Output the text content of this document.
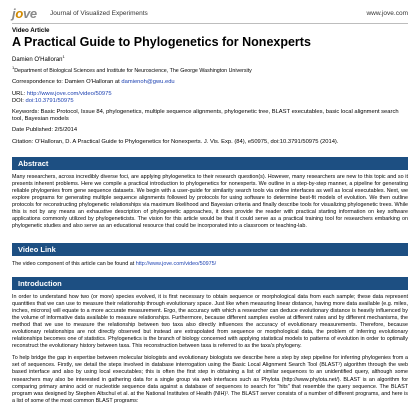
jove Journal of Visualized Experiments	www.jove.com
Video Article
A Practical Guide to Phylogenetics for Nonexperts
Damien O'Halloran$^1$
$^1$Department of Biological Sciences and Institute for Neuroscience, The George Washington University
Correspondence to: Damien O'Halloran at damienoh@gwu.edu
URL: http://www.jove.com/video/50975
DOI: doi:10.3791/50975
Keywords: Basic Protocol, Issue 84, phylogenetics, multiple sequence alignments, phylogenetic tree, BLAST executables, basic local alignment search tool, Bayesian models
Date Published: 2/5/2014
Citation: O'Halloran, D. A Practical Guide to Phylogenetics for Nonexperts. J. Vis. Exp. (84), e50975, doi:10.3791/50975 (2014).
Abstract

Many researchers, across incredibly diverse foci, are applying phylogenetics to their research question(s). However, many researchers are new to this topic and so it presents inherent problems. Here we compile a practical introduction to phylogenetics for nonexperts. We outline in a step-by-step manner, a pipeline for generating reliable phylogenies from gene sequence datasets. We begin with a user-guide for similarity search tools via online interfaces as well as local executables. Next, we explore programs for generating multiple sequence alignments followed by protocols for using software to determine best-fit models of evolution. We then outline protocols for reconstructing phylogenetic relationships via maximum likelihood and Bayesian criteria and finally describe tools for visualizing phylogenetic trees. While this is not by any means an exhaustive description of phylogenetic approaches, it does provide the reader with practical starting information on key software applications commonly utilized by phylogeneticists. The vision for this article would be that it could serve as a practical training tool for researchers embarking on phylogenetic studies and also serve as an educational resource that could be incorporated into a classroom or teaching-lab.

Video Link
The video component of this article can be found at http://www.jove.com/video/50975/
Introduction

In order to understand how two (or more) species evolved, it is first necessary to obtain sequence or morphological data from each sample; these data represent quantities that we can use to measure their relationship through evolutionary space. Just like when measuring linear distance, having more data available (e.g. miles, inches, microns) will equate to a more accurate measurement. Ergo, the accuracy with which a researcher can deduce evolutionary distance is heavily influenced by the volume of informative data available to measure relationships. Furthermore, because different samples evolve at different rates and by different mechanisms, the method that we use to measure the relationship between two taxa also directly influences the accuracy of evolutionary measurements. Therefore, because evolutionary relationships are not directly observed but instead are extrapolated from sequence or morphological data, the problem of inferring evolutionary relationships becomes one of statistics. Phylogenetics is the branch of biology concerned with applying statistical models to patterns of evolution in order to optimally reconstruct the evolutionary history between taxa. This reconstruction between taxa is referred to as the taxa's phylogeny.

To help bridge the gap in expertise between molecular biologists and evolutionary biologists we describe here a step by step pipeline for inferring phylogenies from a set of sequences. Firstly, we detail the steps involved in database interrogation using the Basic Local Alignment Search Tool (BLAST¹) algorithm through the web based interface and also by using local executables; this is often the first step in obtaining a list of similar sequences to an unidentified query, although some researchers may also be interested in gathering data for a single group via web interfaces such as Phylota (http://www.phylota.net/). BLAST is an algorithm for comparing primary amino acid or nucleotide sequence data against a database of sequences to search for "hits" that resemble the query sequence. The BLAST program was designed by Stephen Altschul et al. at the National Institutes of Health (NIH)¹. The BLAST server consists of a number of different programs, and here is a list of some of the most common BLAST programs:
